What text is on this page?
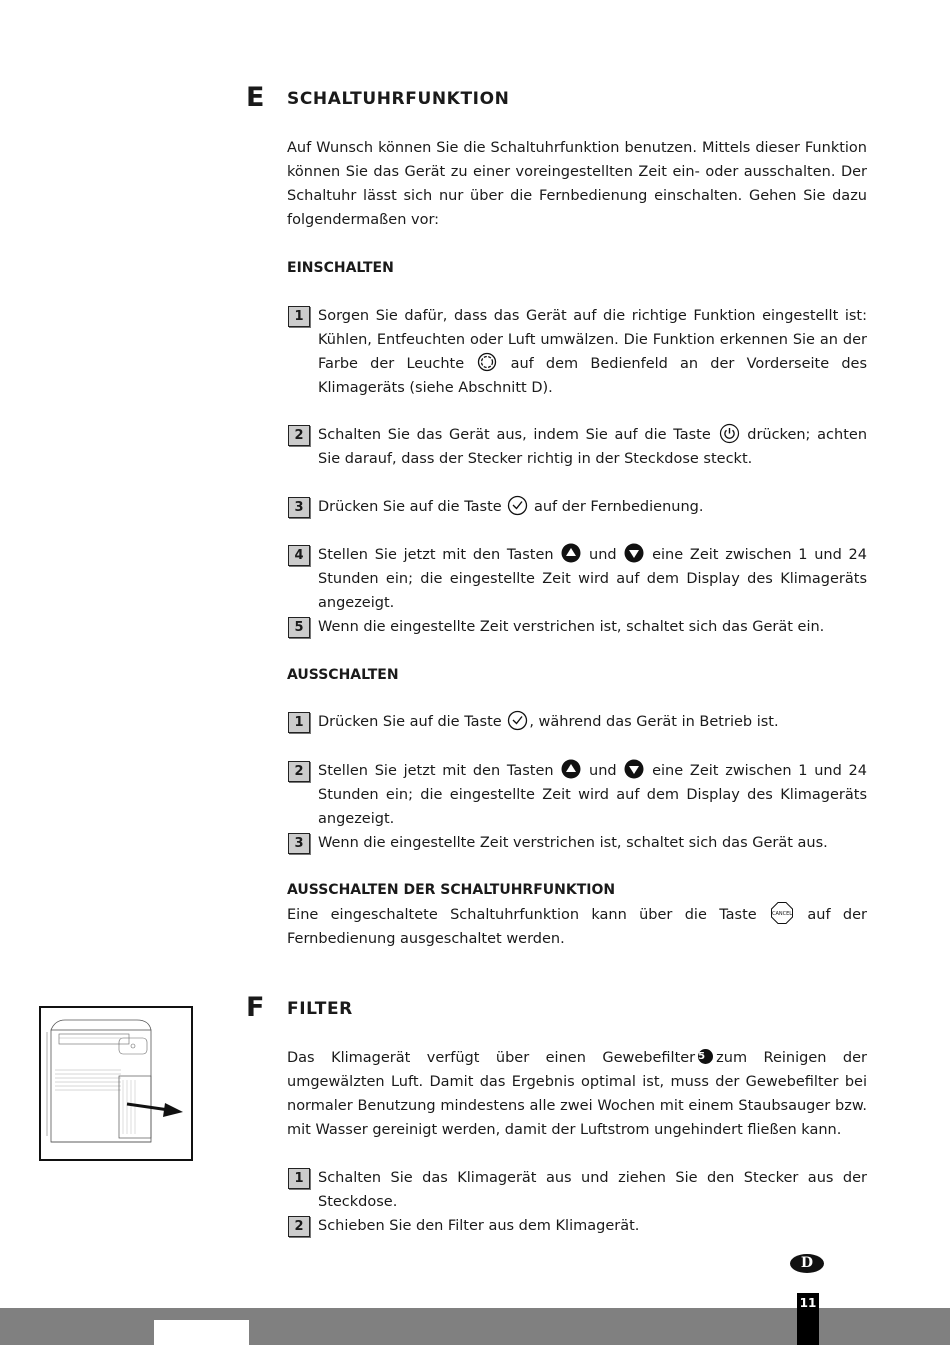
E SCHALTUHRFUNKTION
Auf Wunsch können Sie die Schaltuhrfunktion benutzen. Mittels dieser Funktion können Sie das Gerät zu einer voreingestellten Zeit ein- oder ausschalten. Der Schaltuhr lässt sich nur über die Fernbedienung einschalten. Gehen Sie dazu folgendermaßen vor:
EINSCHALTEN
1 Sorgen Sie dafür, dass das Gerät auf die richtige Funktion eingestellt ist: Kühlen, Entfeuchten oder Luft umwälzen. Die Funktion erkennen Sie an der Farbe der Leuchte	auf dem Bedienfeld an der Vorderseite des Klimageräts (siehe Abschnitt D).
2 Schalten Sie das Gerät aus, indem Sie auf die Taste	drücken; achten Sie darauf, dass der Stecker richtig in der Steckdose steckt.
3 Drücken Sie auf die Taste auf der Fernbedienung.
4 Stellen Sie jetzt mit den Tasten und eine Zeit zwischen 1 und 24 Stunden ein; die eingestellte Zeit wird auf dem Display des Klimageräts angezeigt.
5 Wenn die eingestellte Zeit verstrichen ist, schaltet sich das Gerät ein.
AUSSCHALTEN
1 Drücken Sie auf die Taste , während das Gerät in Betrieb ist.
2 Stellen Sie jetzt mit den Tasten und eine Zeit zwischen 1 und 24 Stunden ein; die eingestellte Zeit wird auf dem Display des Klimageräts angezeigt.
3 Wenn die eingestellte Zeit verstrichen ist, schaltet sich das Gerät aus.
AUSSCHALTEN DER SCHALTUHRFUNKTION
Eine eingeschaltete Schaltuhrfunktion kann über die Taste	CANCEL auf der Fernbedienung ausgeschaltet werden.
F FILTER
Das Klimagerät verfügt über einen Gewebefilter 5 zum Reinigen der umgewälzten Luft. Damit das Ergebnis optimal ist, muss der Gewebefilter bei normaler Benutzung mindestens alle zwei Wochen mit einem Staubsauger bzw. mit Wasser gereinigt werden, damit der Luftstrom ungehindert fließen kann.
1 Schalten Sie das Klimagerät aus und ziehen Sie den Stecker aus der Steckdose.
2 Schieben Sie den Filter aus dem Klimagerät.
D
11
